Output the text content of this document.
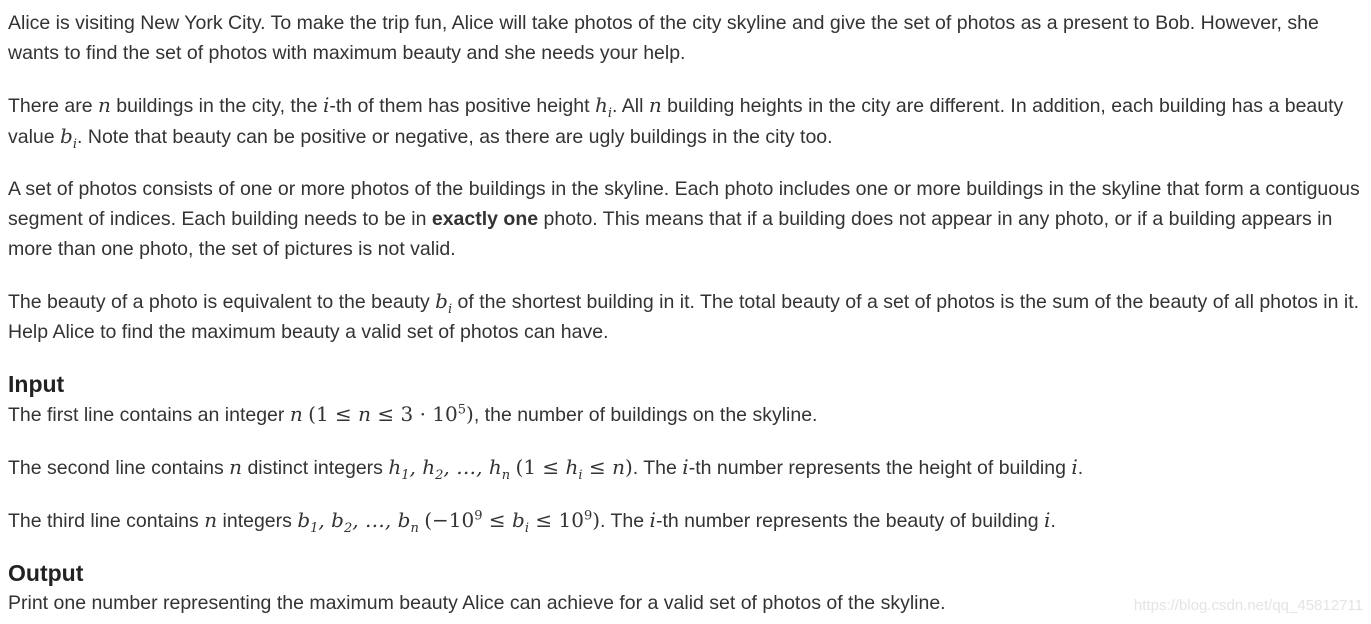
Alice is visiting New York City. To make the trip fun, Alice will take photos of the city skyline and give the set of photos as a present to Bob. However, she wants to find the set of photos with maximum beauty and she needs your help.

There are n buildings in the city, the i-th of them has positive height $h_i$. All n building heights in the city are different. In addition, each building has a beauty value $b_i$. Note that beauty can be positive or negative, as there are ugly buildings in the city too.

A set of photos consists of one or more photos of the buildings in the skyline. Each photo includes one or more buildings in the skyline that form a contiguous segment of indices. Each building needs to be in exactly one photo. This means that if a building does not appear in any photo, or if a building appears in more than one photo, the set of pictures is not valid.

The beauty of a photo is equivalent to the beauty $b_i$ of the shortest building in it. The total beauty of a set of photos is the sum of the beauty of all photos in it. Help Alice to find the maximum beauty a valid set of photos can have.

Input

The first line contains an integer n $(1 \le n \le 3 \cdot 10^5)$, the number of buildings on the skyline.

The second line contains n distinct integers $h_1$, $h_2$, …, $h_n$ $(1 \le h_i \le n)$. The i-th number represents the height of building i.

The third line contains n integers $b_1$, $b_2$, …, $b_n$ $(-10^9 \le b_i \le 10^9)$. The i-th number represents the beauty of building i.

Output

Print one number representing the maximum beauty Alice can achieve for a valid set of photos of the skyline.	https://blog.csdn.net/qq_45812711
